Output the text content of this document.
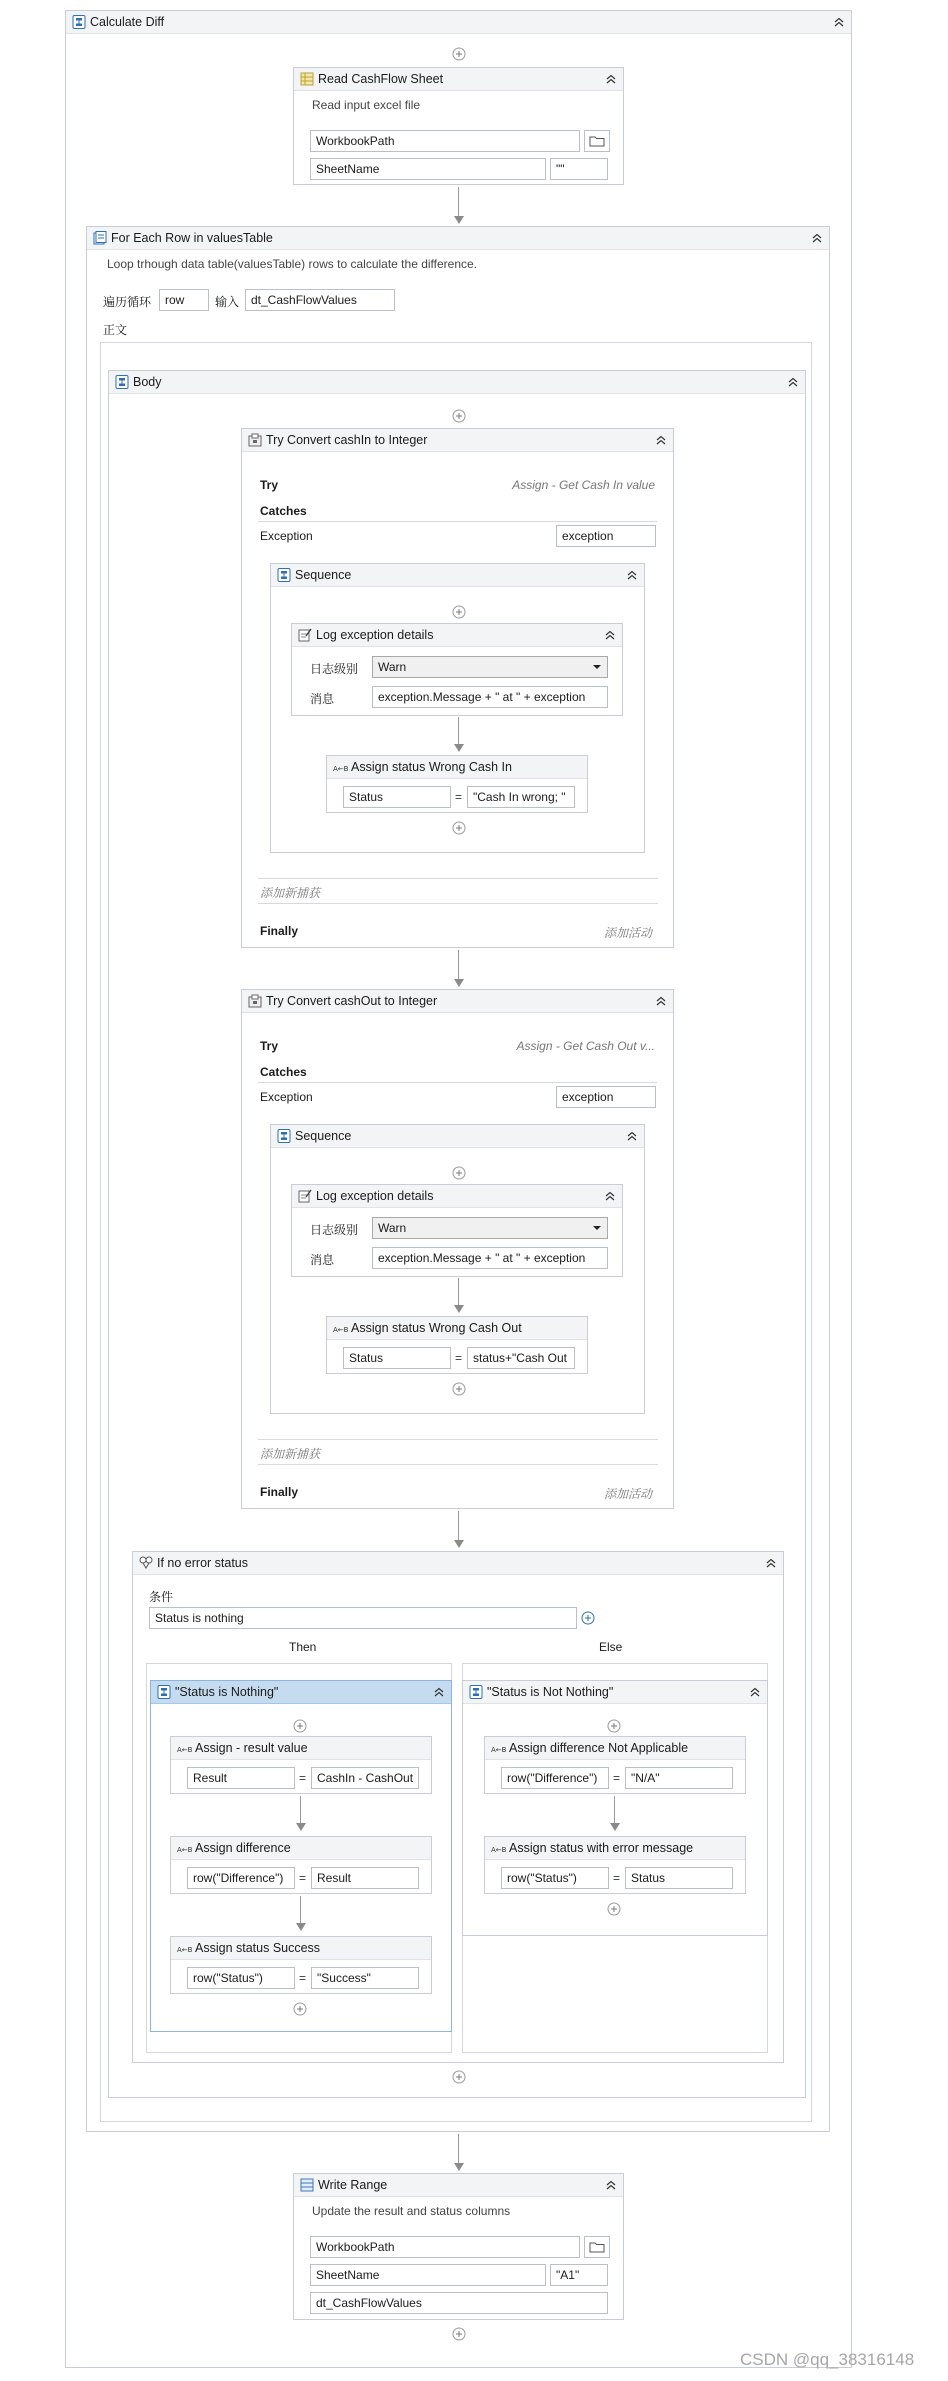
Calculate Diff
Read CashFlow Sheet
Read input excel file
WorkbookPath
SheetName	""
For Each Row in valuesTable
Loop trhough data table(valuesTable) rows to calculate the difference.
遍历循环	row	输入 dt_CashFlowValues
正文
Body
Try Convert cashIn to Integer
Try	Assign - Get Cash In value
Catches
Exception	exception
Sequence
Log exception details
日志级别	Warn
消息	exception.Message + " at " + exception
Assign status Wrong Cash In
Status	= "Cash In wrong; "
添加新捕获
Finally	添加活动
Try Convert cashOut to Integer
Try	Assign - Get Cash Out v...
Catches
Exception	exception
Sequence
Log exception details
日志级别	Warn
消息	exception.Message + " at " + exception
Assign status Wrong Cash Out
Status	= status+"Cash Out
添加新捕获
Finally	添加活动
If no error status
条件
Status is nothing
Then	Else
"Status is Nothing"
Assign - result value
Result	= CashIn - CashOut
Assign difference
row("Difference")	= Result
Assign status Success
row("Status")	= "Success"
"Status is Not Nothing"
Assign difference Not Applicable
row("Difference")	= "N/A"
Assign status with error message
row("Status")	= Status
Write Range
Update the result and status columns
WorkbookPath
SheetName	"A1"
dt_CashFlowValues
CSDN @qq_38316148
